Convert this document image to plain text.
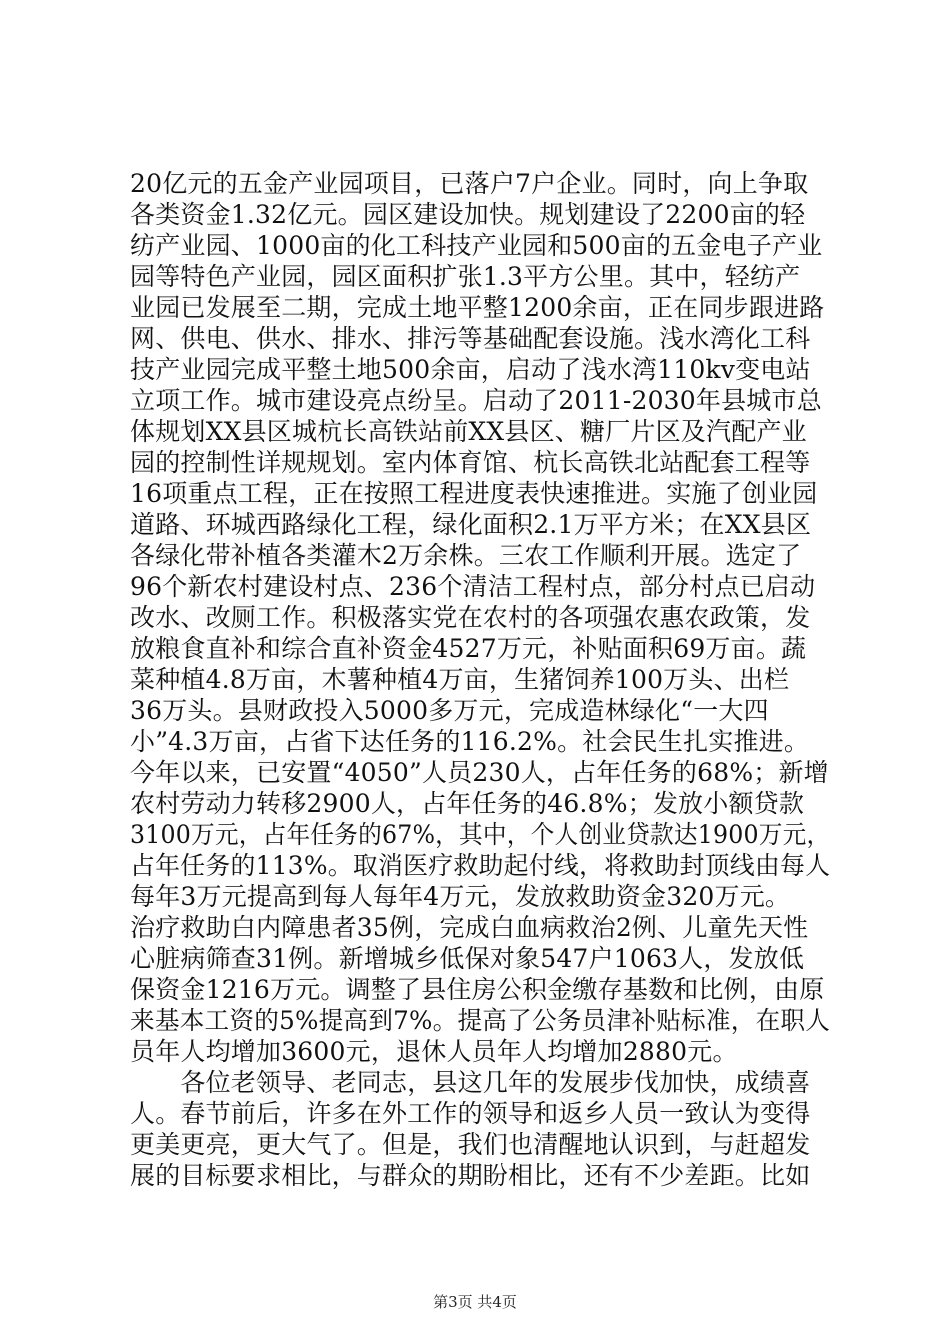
20亿元的五金产业园项目，已落户7户企业。同时，向上争取
各类资金1.32亿元。园区建设加快。规划建设了2200亩的轻
纺产业园、1000亩的化工科技产业园和500亩的五金电子产业
园等特色产业园，园区面积扩张1.3平方公里。其中，轻纺产
业园已发展至二期，完成土地平整1200余亩，正在同步跟进路
网、供电、供水、排水、排污等基础配套设施。浅水湾化工科
技产业园完成平整土地500余亩，启动了浅水湾110kv变电站
立项工作。城市建设亮点纷呈。启动了2011-2030年县城市总
体规划XX县区城杭长高铁站前XX县区、糖厂片区及汽配产业
园的控制性详规规划。室内体育馆、杭长高铁北站配套工程等
16项重点工程，正在按照工程进度表快速推进。实施了创业园
道路、环城西路绿化工程，绿化面积2.1万平方米；在XX县区
各绿化带补植各类灌木2万余株。三农工作顺利开展。选定了
96个新农村建设村点、236个清洁工程村点，部分村点已启动
改水、改厕工作。积极落实党在农村的各项强农惠农政策，发
放粮食直补和综合直补资金4527万元，补贴面积69万亩。蔬
菜种植4.8万亩，木薯种植4万亩，生猪饲养100万头、出栏
36万头。县财政投入5000多万元，完成造林绿化“一大四
小”4.3万亩，占省下达任务的116.2%。社会民生扎实推进。
今年以来，已安置“4050”人员230人，占年任务的68%；新增
农村劳动力转移2900人，占年任务的46.8%；发放小额贷款
3100万元，占年任务的67%，其中，个人创业贷款达1900万元，
占年任务的113%。取消医疗救助起付线，将救助封顶线由每人
每年3万元提高到每人每年4万元，发放救助资金320万元。
治疗救助白内障患者35例，完成白血病救治2例、儿童先天性
心脏病筛查31例。新增城乡低保对象547户1063人，发放低
保资金1216万元。调整了县住房公积金缴存基数和比例，由原
来基本工资的5%提高到7%。提高了公务员津补贴标准，在职人
员年人均增加3600元，退休人员年人均增加2880元。
　　各位老领导、老同志，县这几年的发展步伐加快，成绩喜
人。春节前后，许多在外工作的领导和返乡人员一致认为变得
更美更亮，更大气了。但是，我们也清醒地认识到，与赶超发
展的目标要求相比，与群众的期盼相比，还有不少差距。比如
第3页 共4页
